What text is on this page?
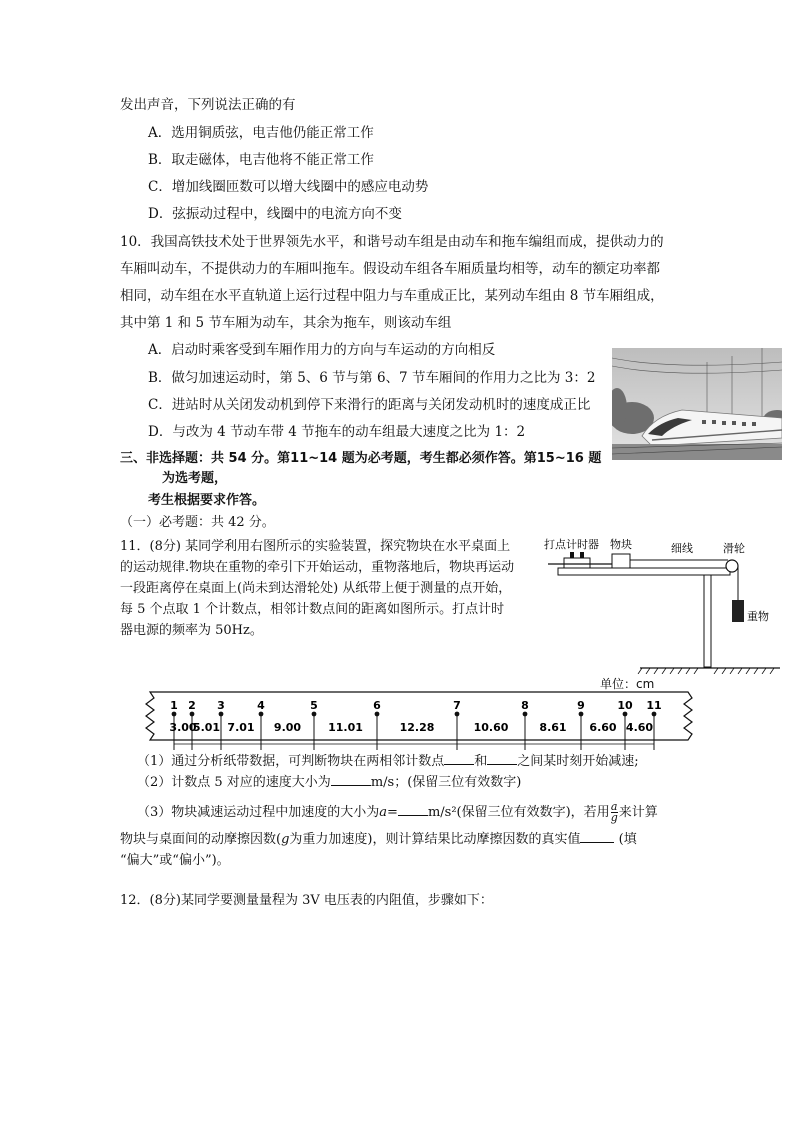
发出声音，下列说法正确的有
A．选用铜质弦，电吉他仍能正常工作
B．取走磁体，电吉他将不能正常工作
C．增加线圈匝数可以增大线圈中的感应电动势
D．弦振动过程中，线圈中的电流方向不变
10．我国高铁技术处于世界领先水平，和谐号动车组是由动车和拖车编组而成，提供动力的
车厢叫动车，不提供动力的车厢叫拖车。假设动车组各车厢质量均相等，动车的额定功率都
相同，动车组在水平直轨道上运行过程中阻力与车重成正比，某列动车组由 8 节车厢组成，
其中第 1 和 5 节车厢为动车，其余为拖车，则该动车组
A．启动时乘客受到车厢作用力的方向与车运动的方向相反
B．做匀加速运动时，第 5、6 节与第 6、7 节车厢间的作用力之比为 3：2
C．进站时从关闭发动机到停下来滑行的距离与关闭发动机时的速度成正比
D．与改为 4 节动车带 4 节拖车的动车组最大速度之比为 1：2
三、非选择题：共 54 分。第11~14 题为必考题，考生都必须作答。第15~16 题
为选考题，
考生根据要求作答。
（一）必考题：共 42 分。
11．(8分) 某同学利用右图所示的实验装置，探究物块在水平桌面上
的运动规律.物块在重物的牵引下开始运动，重物落地后，物块再运动
一段距离停在桌面上(尚未到达滑轮处) 从纸带上便于测量的点开始，
每 5 个点取 1 个计数点，相邻计数点间的距离如图所示。打点计时
器电源的频率为 50Hz。
打点计时器 物块	细线	滑轮
重物
单位：cm
1 2 3	4	5	6	7	8	9	10 11
3.00
5.01 7.01 9.00 11.01	12.28	10.60	8.61 6.60 4.60
（1）通过分析纸带数据，可判断物块在两相邻计数点 和 之间某时刻开始减速;
（2）计数点 5 对应的速度大小为	m/s；(保留三位有效数字)
（3）物块减速运动过程中加速度的大小为a= m/s²(保留三位有效数字)，若用 $\frac{a}{g}$ 来计算
物块与桌面间的动摩擦因数(g为重力加速度)，则计算结果比动摩擦因数的真实值	(填
“偏大”或“偏小”)。
12．(8分)某同学要测量量程为 3V 电压表的内阻值，步骤如下：
